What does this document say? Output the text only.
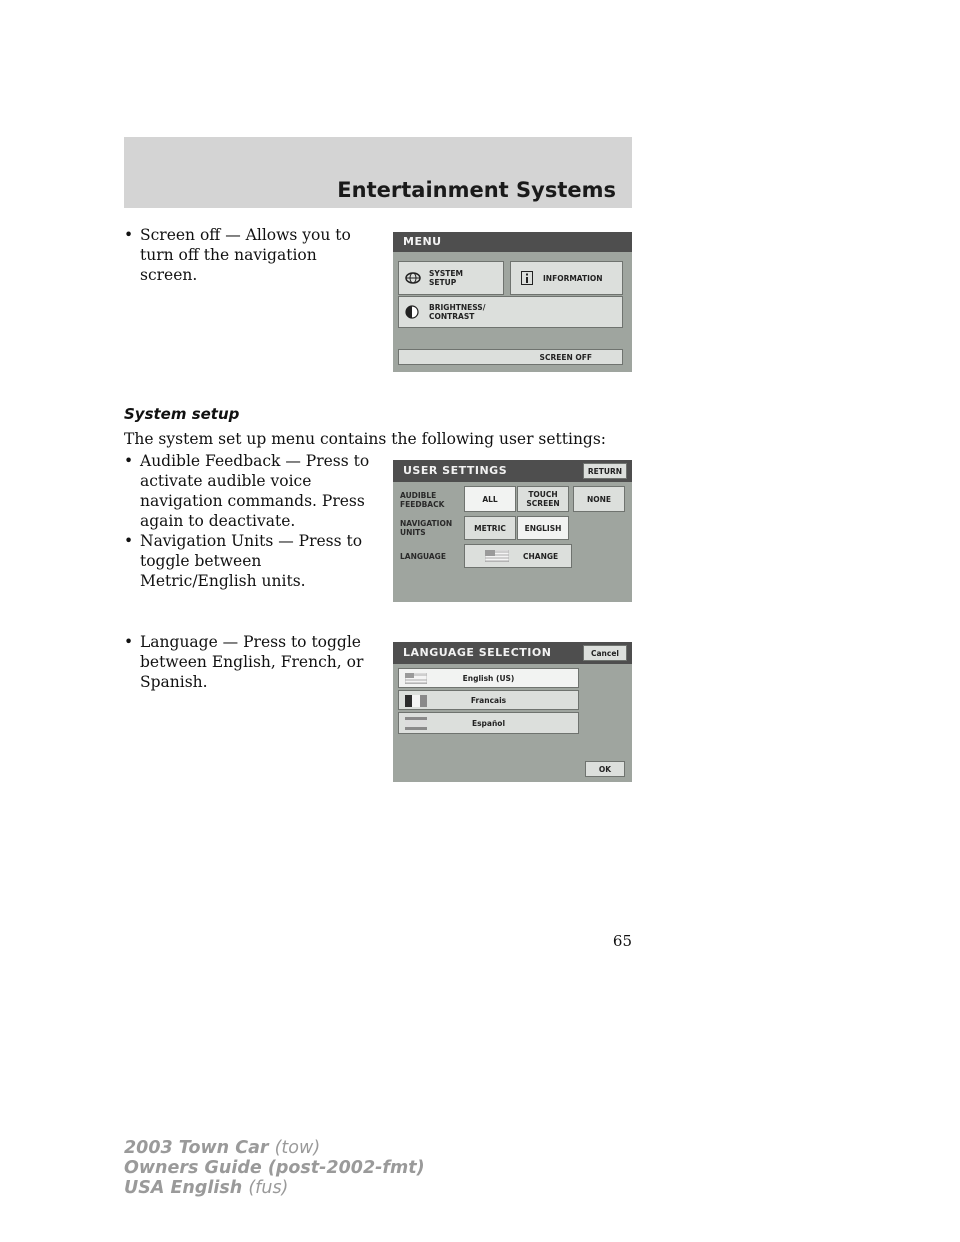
Entertainment Systems
• Screen off — Allows you to turn off the navigation screen.
MENU
SYSTEM SETUP	INFORMATION
BRIGHTNESS/ CONTRAST
SCREEN OFF
System setup
The system set up menu contains the following user settings:
• Audible Feedback — Press to activate audible voice navigation commands. Press again to deactivate.
• Navigation Units — Press to toggle between Metric/English units.
USER SETTINGS	RETURN
AUDIBLE FEEDBACK
ALL	TOUCH SCREEN	NONE
NAVIGATION UNITS	METRIC ENGLISH
LANGUAGE	CHANGE
• Language — Press to toggle between English, French, or Spanish.
LANGUAGE SELECTION	Cancel
English (US)
Francais
Español
OK
65
2003 Town Car (tow)
Owners Guide (post-2002-fmt)
USA English (fus)
